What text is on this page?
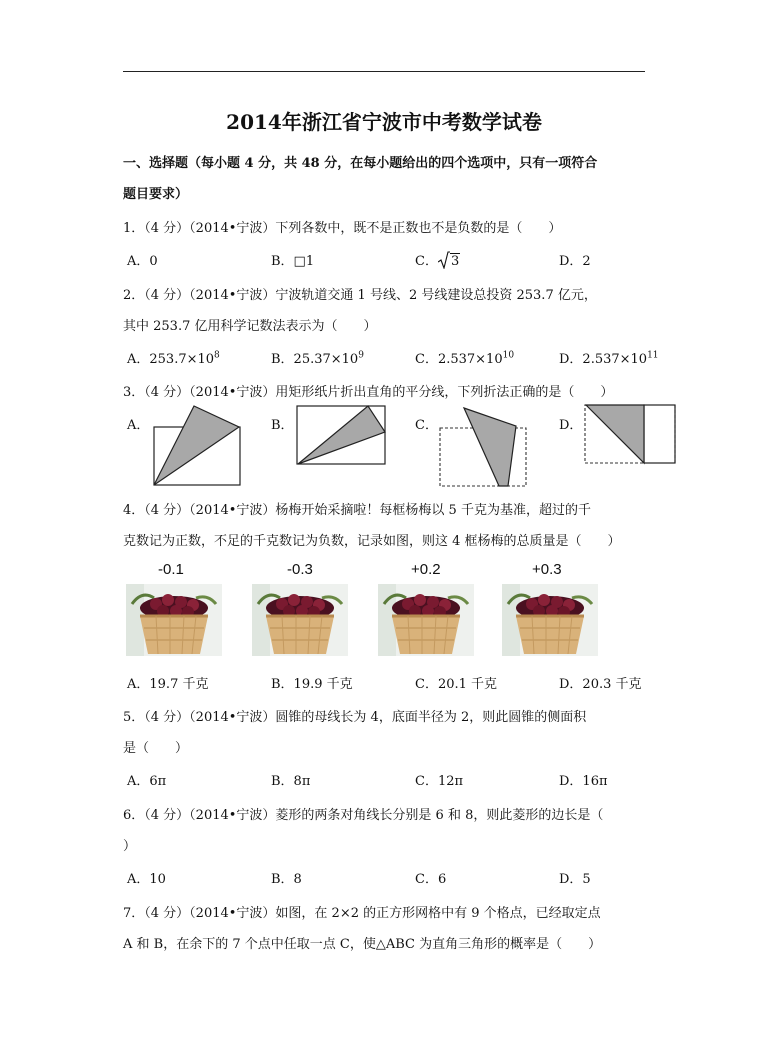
2014年浙江省宁波市中考数学试卷
一、选择题（每小题 4 分，共 48 分，在每小题给出的四个选项中，只有一项符合
题目要求）
1．（4 分）（2014•宁波）下列各数中，既不是正数也不是负数的是（　　）
A．0	B．□1	C． 3	D．2
2．（4 分）（2014•宁波）宁波轨道交通 1 号线、2 号线建设总投资 253.7 亿元，
其中 253.7 亿用科学记数法表示为（　　）
A．$253.7\times 10^8$	B．$25.37\times 10^9$	C．$2.537\times 10^{10}$	D．$2.537\times 10^{11}$
3．（4 分）（2014•宁波）用矩形纸片折出直角的平分线，下列折法正确的是（　　）
A．	B．	C．	D．
4．（4 分）（2014•宁波）杨梅开始采摘啦！每框杨梅以 5 千克为基准，超过的千
克数记为正数，不足的千克数记为负数，记录如图，则这 4 框杨梅的总质量是（　　）
-0.1	-0.3	+0.2	+0.3
A．19.7 千克	B．19.9 千克	C．20.1 千克	D．20.3 千克
5．（4 分）（2014•宁波）圆锥的母线长为 4，底面半径为 2，则此圆锥的侧面积
是（　　）
A．6π	B．8π	C．12π	D．16π
6．（4 分）（2014•宁波）菱形的两条对角线长分别是 6 和 8，则此菱形的边长是（
）
A．10	B．8	C．6	D．5
7．（4 分）（2014•宁波）如图，在 2×2 的正方形网格中有 9 个格点，已经取定点
A 和 B，在余下的 7 个点中任取一点 C，使△ABC 为直角三角形的概率是（　　）
